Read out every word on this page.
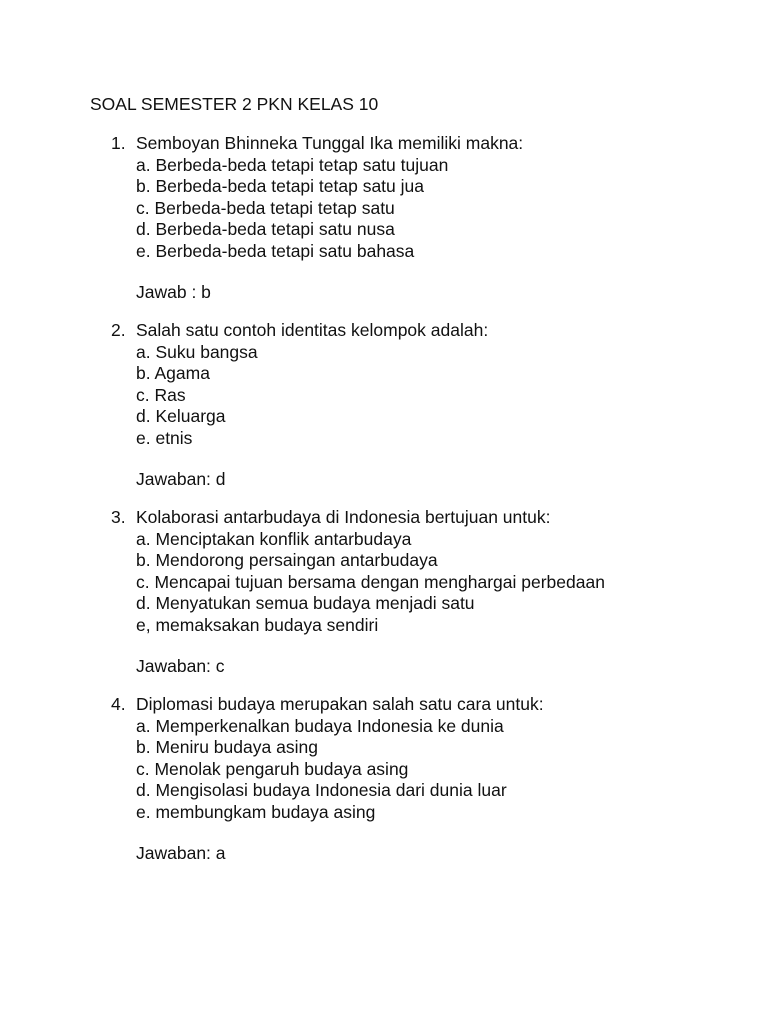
SOAL SEMESTER 2 PKN KELAS 10
1. Semboyan Bhinneka Tunggal Ika memiliki makna:
a. Berbeda-beda tetapi tetap satu tujuan
b. Berbeda-beda tetapi tetap satu jua
c. Berbeda-beda tetapi tetap satu
d. Berbeda-beda tetapi satu nusa
e. Berbeda-beda tetapi satu bahasa
Jawab : b
2. Salah satu contoh identitas kelompok adalah:
a. Suku bangsa
b. Agama
c. Ras
d. Keluarga
e. etnis
Jawaban: d
3. Kolaborasi antarbudaya di Indonesia bertujuan untuk:
a. Menciptakan konflik antarbudaya
b. Mendorong persaingan antarbudaya
c. Mencapai tujuan bersama dengan menghargai perbedaan
d. Menyatukan semua budaya menjadi satu
e, memaksakan budaya sendiri
Jawaban: c
4. Diplomasi budaya merupakan salah satu cara untuk:
a. Memperkenalkan budaya Indonesia ke dunia
b. Meniru budaya asing
c. Menolak pengaruh budaya asing
d. Mengisolasi budaya Indonesia dari dunia luar
e. membungkam budaya asing
Jawaban: a
